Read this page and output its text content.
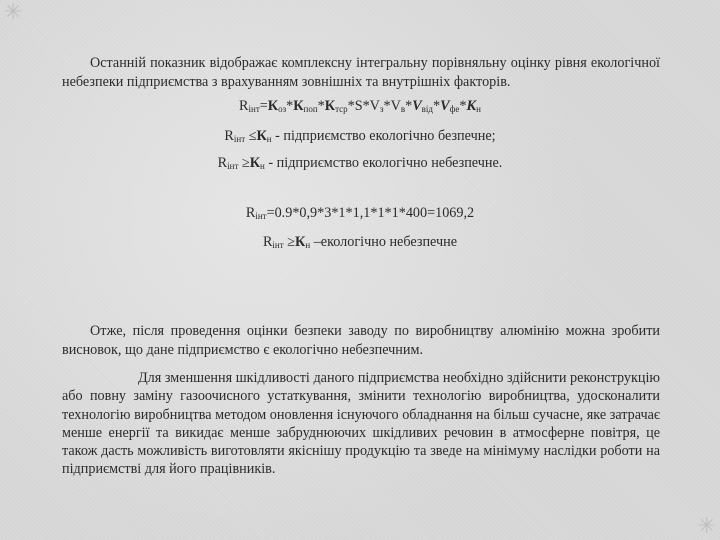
✳
✳

Останній показник відображає комплексну інтегральну порівняльну оцінку рівня екологічної небезпеки підприємства з врахуванням зовнішніх та внутрішніх факторів.

$R_{інт}=К_{оз}*К_{поп}*К_{тср}*S*V_з*V_в*V_{від}*V_{фе}*К_н$
$R_{інт} \le К_н$ - підприємство екологічно безпечне;
$R_{інт} \ge К_н$ - підприємство екологічно небезпечне.
$R_{інт}=0.9*0,9*3*1*1,1*1*1*400=1069,2$
$R_{інт} \ge К_н$ –екологічно небезпечне

Отже, після проведення оцінки безпеки заводу по виробництву алюмінію можна зробити висновок, що дане підприємство є екологічно небезпечним.

Для зменшення шкідливості даного підприємства необхідно здійснити реконструкцію або повну заміну газоочисного устаткування, змінити технологію виробництва, удосконалити технологію виробництва методом оновлення існуючого обладнання на більш сучасне, яке затрачає менше енергії та викидає менше забруднюючих шкідливих речовин в атмосферне повітря, це також дасть можливість виготовляти якіснішу продукцію та зведе на мінімуму наслідки роботи на підприємстві для його працівників.
